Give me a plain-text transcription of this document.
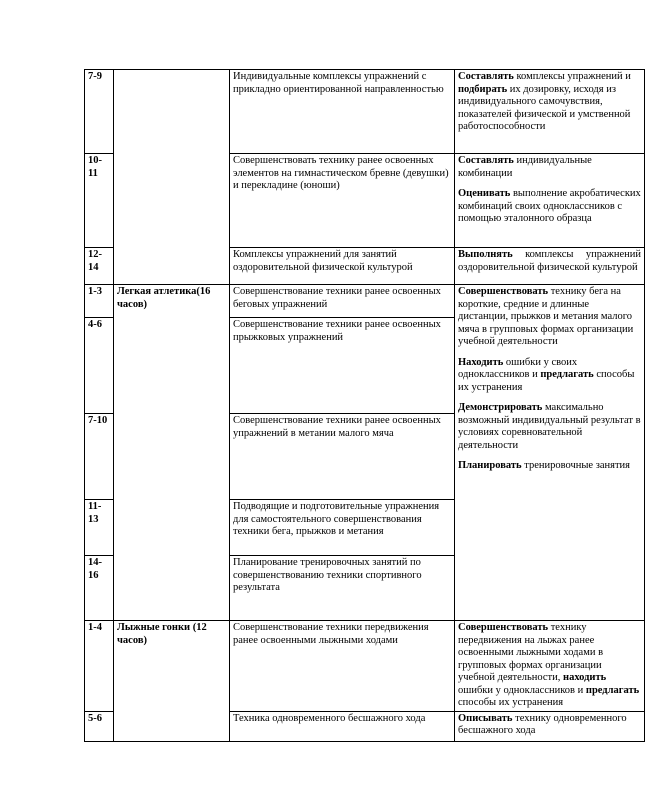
7-9		Индивидуальные комплексы упражнений с прикладно ориентированной направленностью	Составлять комплексы упражнений и подбирать их дозировку, исходя из индивидуального самочувствия, показателей физической и умственной работоспособности
10-11		Совершенствовать технику ранее освоенных элементов на гимнастическом бревне (девушки) и перекладине (юноши)	Составлять индивидуальные комбинации
Оценивать выполнение акробатических комбинаций своих одноклассников с помощью эталонного образца

12-14		Комплексы упражнений для занятий оздоровительной физической культурой	Выполнять комплексы упражнений оздоровительной физической культурой
1-3	Легкая атлетика(16 часов)	Совершенствование техники ранее освоенных беговых упражнений	Совершенствовать технику бега на короткие, средние и длинные дистанции, прыжков и метания малого мяча в групповых формах организации учебной деятельности
Находить ошибки у своих одноклассников и предлагать способы их устранения
Демонстрировать максимально возможный индивидуальный результат в условиях соревновательной деятельности
Планировать тренировочные занятия

4-6		Совершенствование техники ранее освоенных прыжковых упражнений	
7-10		Совершенствование техники ранее освоенных упражнений в метании малого мяча	
11-13		Подводящие и подготовительные упражнения для самостоятельного совершенствования техники бега, прыжков и метания	
14-16		Планирование тренировочных занятий по совершенствованию техники спортивного результата	
1-4	Лыжные гонки (12 часов)	Совершенствование техники передвижения ранее освоенными лыжными ходами	Совершенствовать технику передвижения на лыжах ранее освоенными лыжными ходами в групповых формах организации учебной деятельности, находить ошибки у одноклассников и предлагать способы их устранения
5-6		Техника одновременного бесшажного хода	Описывать технику одновременного бесшажного хода
